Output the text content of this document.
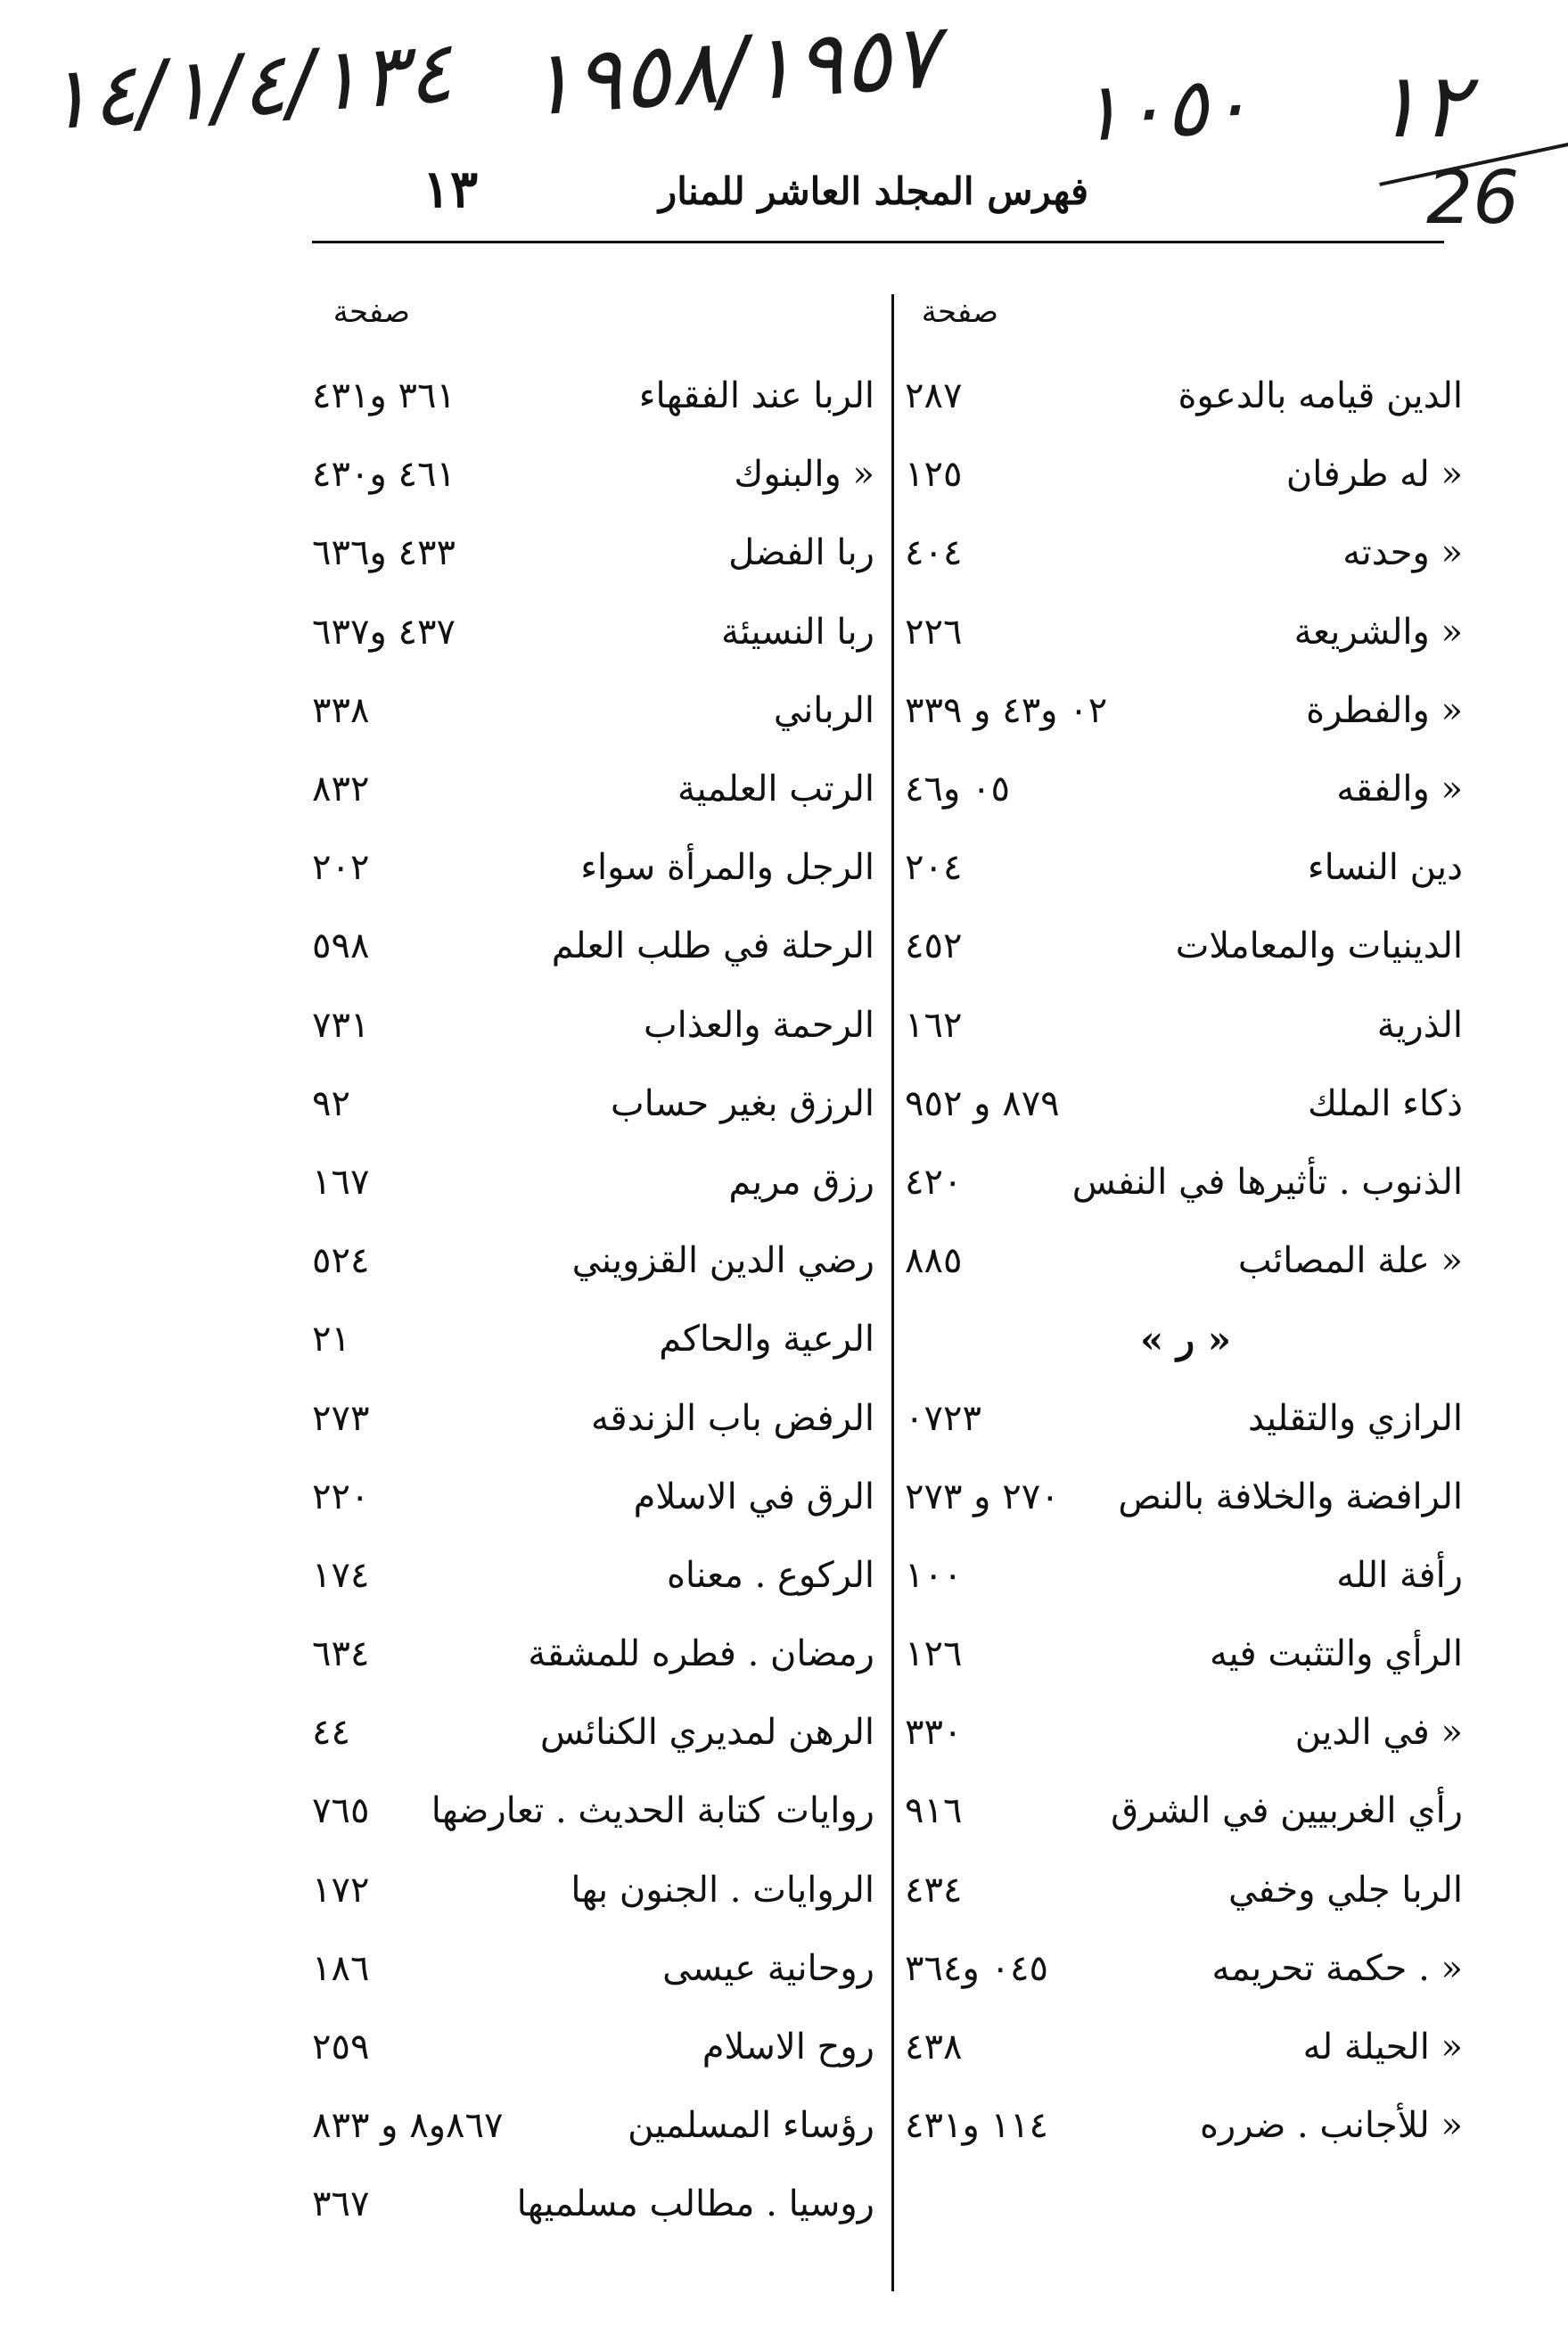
١٤/١/٤/١٣٤ ١٩٥٨/١٩٥٧ ١٠٥٠ ١٢
26
فهرس المجلد العاشر للمنار
١٣
صفحة
صفحة
الدين قيامه بالدعوة
٢٨٧
« له طرفان
١٢٥
« وحدته
٤٠٤
« والشريعة
٢٢٦
« والفطرة
٠٢ و٤٣ و ٣٣٩
« والفقه
٠٥ و٤٦
دين النساء
٢٠٤
الدينيات والمعاملات
٤٥٢
الذرية
١٦٢
ذكاء الملك
٨٧٩ و ٩٥٢
الذنوب . تأثيرها في النفس
٤٢٠
« علة المصائب
٨٨٥
« ر »
الرازي والتقليد
٠٧٢٣
الرافضة والخلافة بالنص
٢٧٠ و ٢٧٣
رأفة الله
١٠٠
الرأي والتثبت فيه
١٢٦
« في الدين
٣٣٠
رأي الغربيين في الشرق
٩١٦
الربا جلي وخفي
٤٣٤
« . حكمة تحريمه
٠٤٥ و٣٦٤
« الحيلة له
٤٣٨
« للأجانب . ضرره
١١٤ و٤٣١
الربا عند الفقهاء
٣٦١ و٤٣١
« والبنوك
٤٦١ و٤٣٠
ربا الفضل
٤٣٣ و٦٣٦
ربا النسيئة
٤٣٧ و٦٣٧
الرباني
٣٣٨
الرتب العلمية
٨٣٢
الرجل والمرأة سواء
٢٠٢
الرحلة في طلب العلم
٥٩٨
الرحمة والعذاب
٧٣١
الرزق بغير حساب
٩٢
رزق مريم
١٦٧
رضي الدين القزويني
٥٢٤
الرعية والحاكم
٢١
الرفض باب الزندقه
٢٧٣
الرق في الاسلام
٢٢٠
الركوع . معناه
١٧٤
رمضان . فطره للمشقة
٦٣٤
الرهن لمديري الكنائس
٤٤
روايات كتابة الحديث . تعارضها
٧٦٥
الروايات . الجنون بها
١٧٢
روحانية عيسى
١٨٦
روح الاسلام
٢٥٩
رؤساء المسلمين
٨٦٧و٨ و ٨٣٣
روسيا . مطالب مسلميها
٣٦٧
